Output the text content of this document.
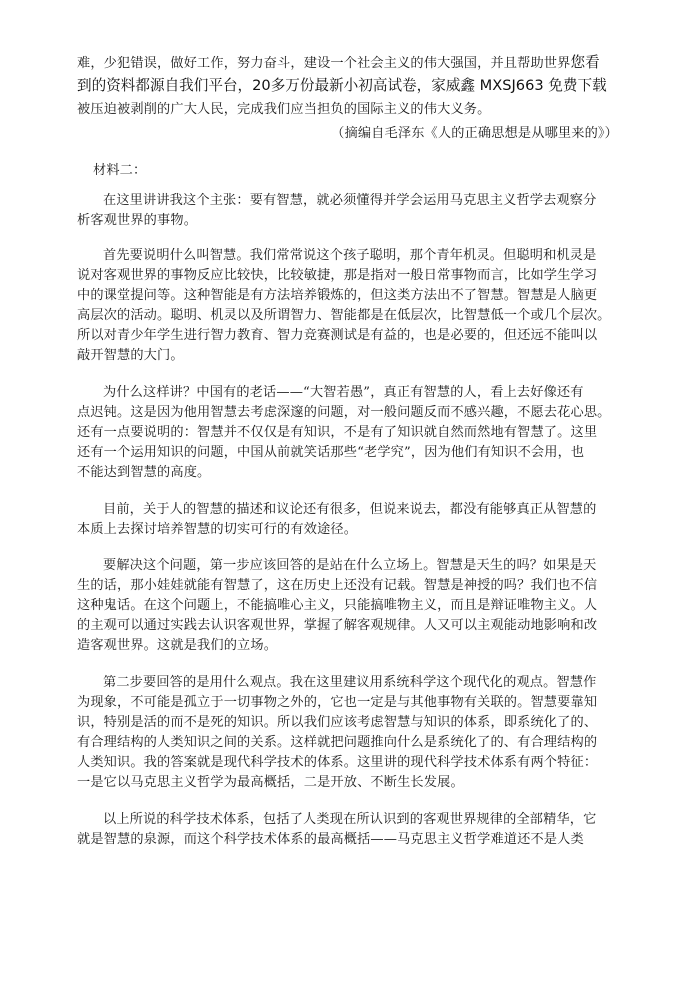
难，少犯错误，做好工作，努力奋斗，建设一个社会主义的伟大强国，并且帮助世界您看
到的资料都源自我们平台，20多万份最新小初高试卷，家威鑫 MXSJ663 免费下载
被压迫被剥削的广大人民，完成我们应当担负的国际主义的伟大义务。
（摘编自毛泽东《人的正确思想是从哪里来的》）
材料二：
在这里讲讲我这个主张：要有智慧，就必须懂得并学会运用马克思主义哲学去观察分
析客观世界的事物。
首先要说明什么叫智慧。我们常常说这个孩子聪明，那个青年机灵。但聪明和机灵是
说对客观世界的事物反应比较快，比较敏捷，那是指对一般日常事物而言，比如学生学习
中的课堂提问等。这种智能是有方法培养锻炼的，但这类方法出不了智慧。智慧是人脑更
高层次的活动。聪明、机灵以及所谓智力、智能都是在低层次，比智慧低一个或几个层次。
所以对青少年学生进行智力教育、智力竞赛测试是有益的，也是必要的，但还远不能叫以
敲开智慧的大门。
为什么这样讲？中国有的老话——“大智若愚”，真正有智慧的人，看上去好像还有
点迟钝。这是因为他用智慧去考虑深邃的问题，对一般问题反而不感兴趣，不愿去花心思。
还有一点要说明的：智慧并不仅仅是有知识，不是有了知识就自然而然地有智慧了。这里
还有一个运用知识的问题，中国从前就笑话那些“老学究”，因为他们有知识不会用，也
不能达到智慧的高度。
目前，关于人的智慧的描述和议论还有很多，但说来说去，都没有能够真正从智慧的
本质上去探讨培养智慧的切实可行的有效途径。
要解决这个问题，第一步应该回答的是站在什么立场上。智慧是天生的吗？如果是天
生的话，那小娃娃就能有智慧了，这在历史上还没有记载。智慧是神授的吗？我们也不信
这种鬼话。在这个问题上，不能搞唯心主义，只能搞唯物主义，而且是辩证唯物主义。人
的主观可以通过实践去认识客观世界，掌握了解客观规律。人又可以主观能动地影响和改
造客观世界。这就是我们的立场。
第二步要回答的是用什么观点。我在这里建议用系统科学这个现代化的观点。智慧作
为现象，不可能是孤立于一切事物之外的，它也一定是与其他事物有关联的。智慧要靠知
识，特别是活的而不是死的知识。所以我们应该考虑智慧与知识的体系，即系统化了的、
有合理结构的人类知识之间的关系。这样就把问题推向什么是系统化了的、有合理结构的
人类知识。我的答案就是现代科学技术的体系。这里讲的现代科学技术体系有两个特征：
一是它以马克思主义哲学为最高概括，二是开放、不断生长发展。
以上所说的科学技术体系，包括了人类现在所认识到的客观世界规律的全部精华，它
就是智慧的泉源，而这个科学技术体系的最高概括——马克思主义哲学难道还不是人类
